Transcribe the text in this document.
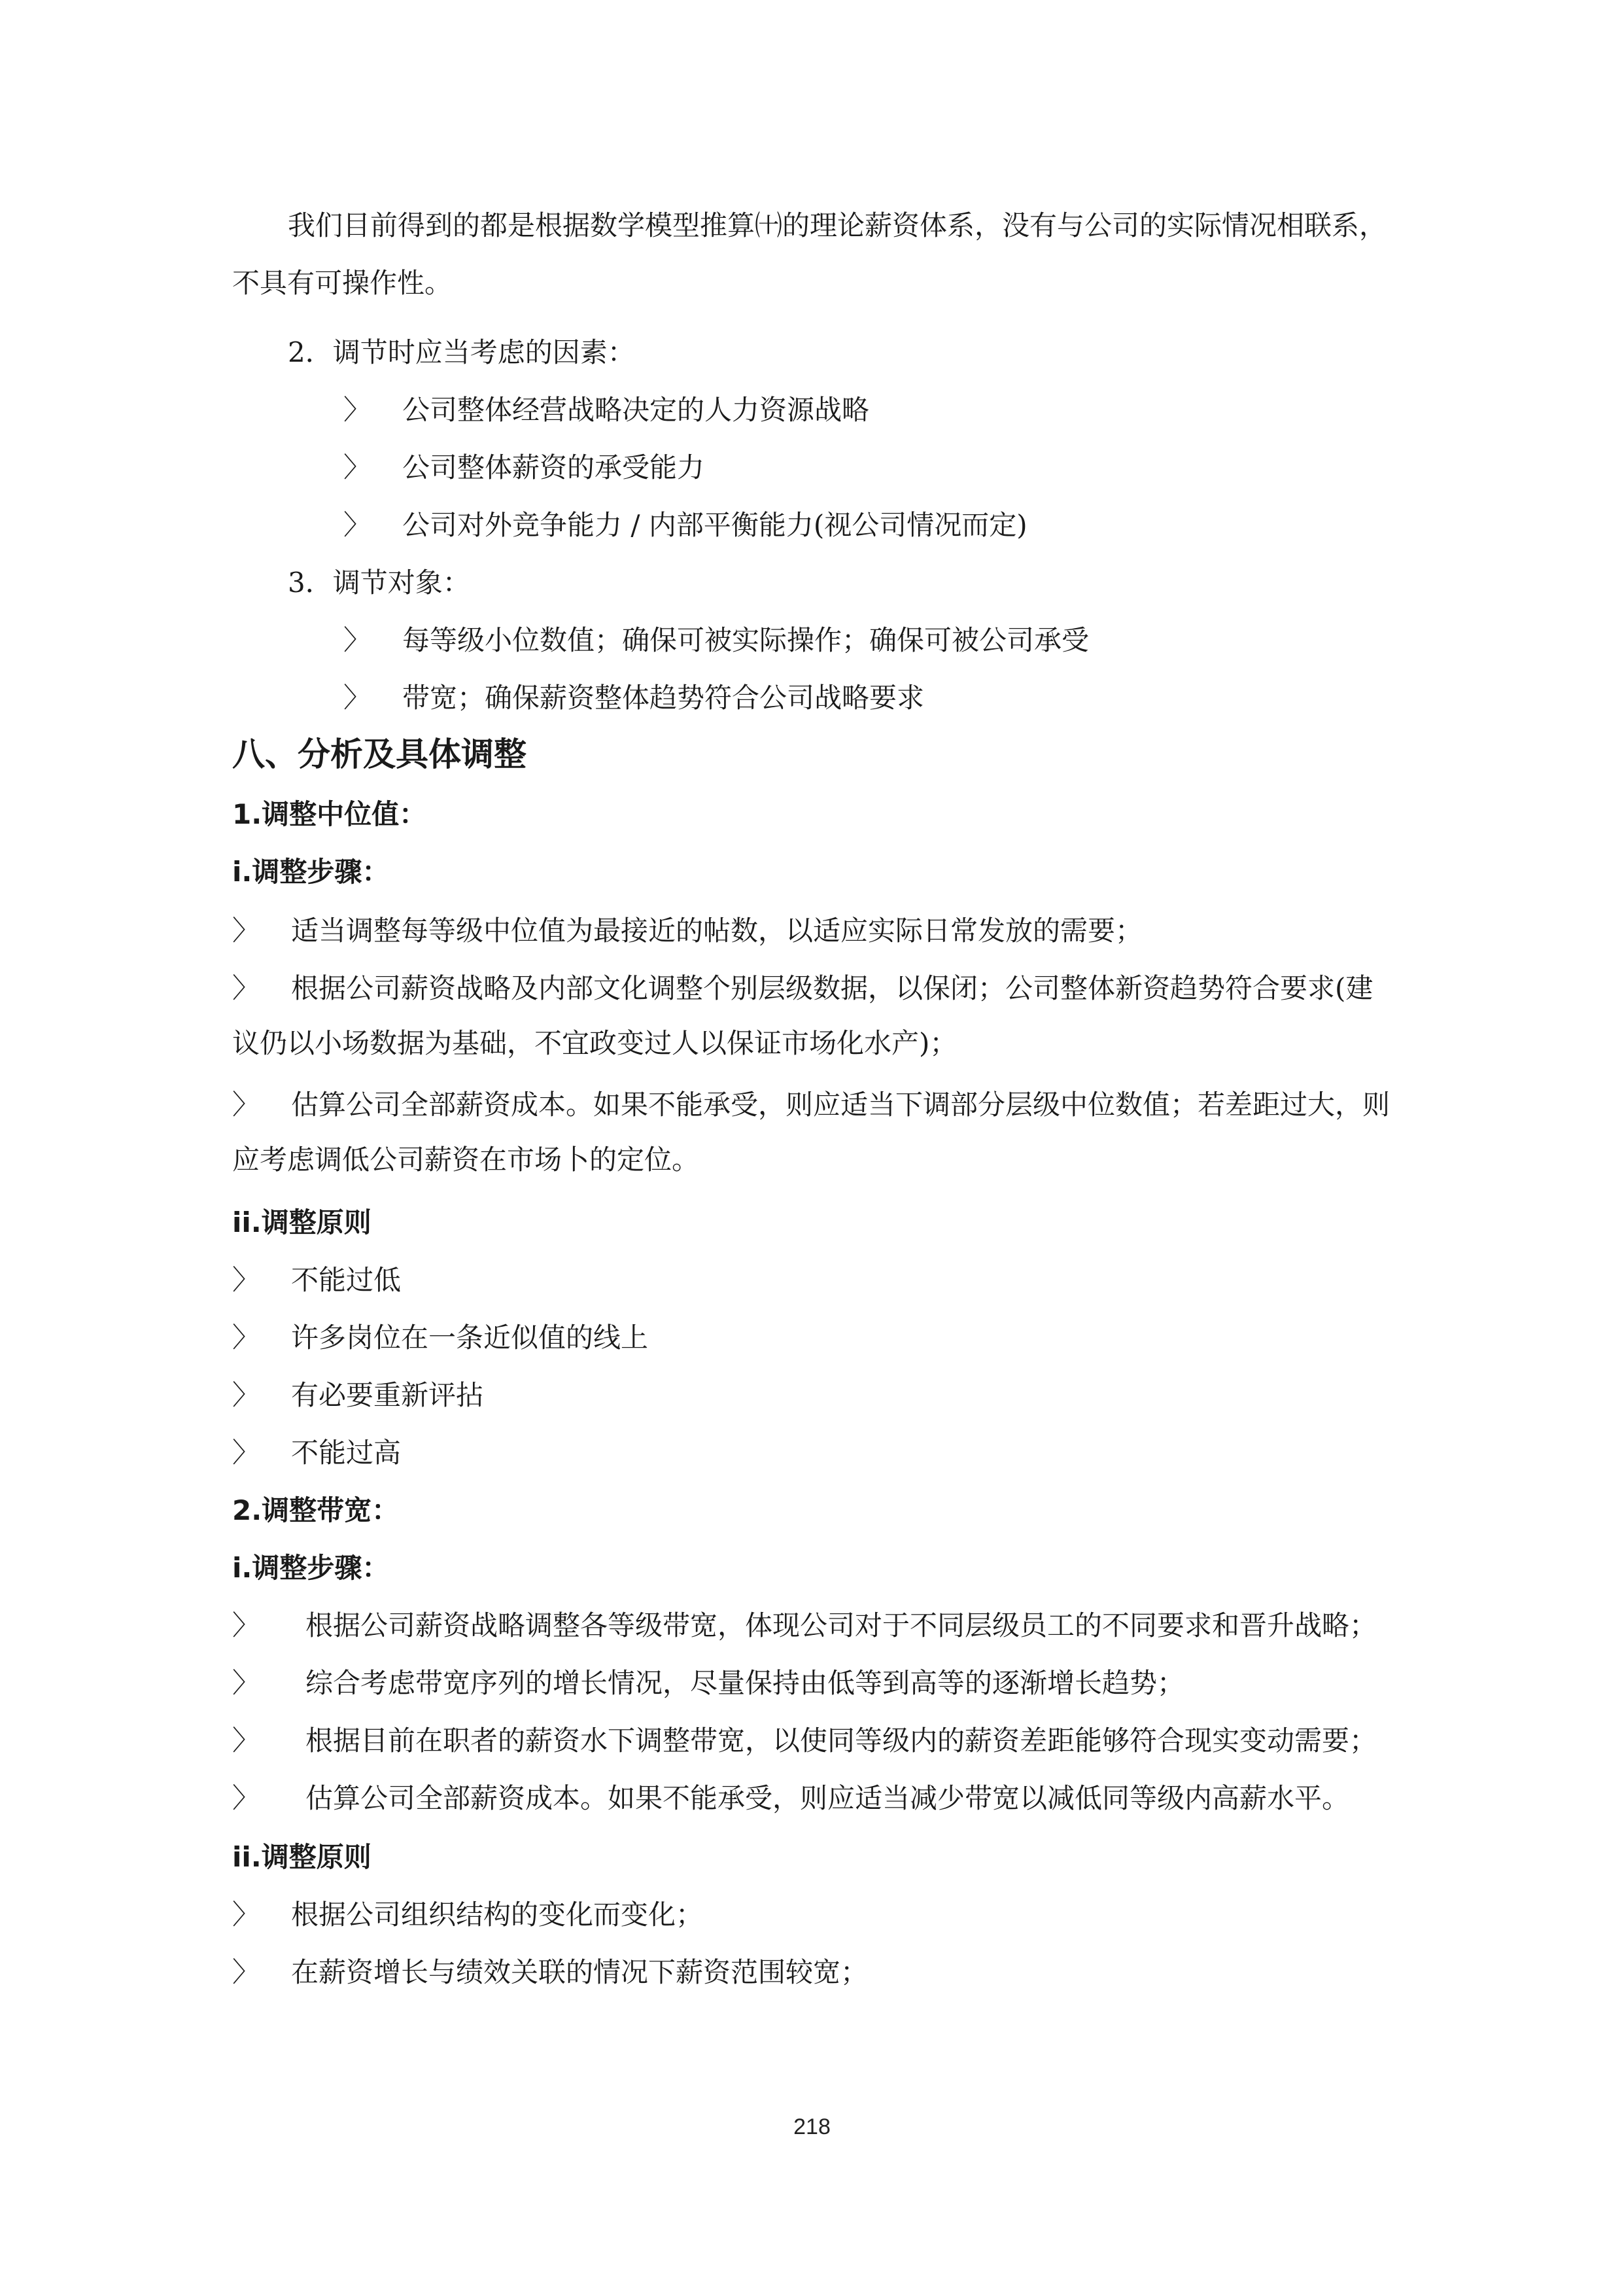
我们目前得到的都是根据数学模型推算㈩的理论薪资体系，没有与公司的实际情况相联系，
不具有可操作性。
2．调节时应当考虑的因素：
〉 公司整体经营战略决定的人力资源战略
〉 公司整体薪资的承受能力
〉 公司对外竞争能力 / 内部平衡能力(视公司情况而定)
3．调节对象：
〉 每等级小位数值；确保可被实际操作；确保可被公司承受
〉 带宽；确保薪资整体趋势符合公司战略要求
八、分析及具体调整
1.调整中位值：
i.调整步骤：
〉 适当调整每等级中位值为最接近的帖数，以适应实际日常发放的需要；
〉 根据公司薪资战略及内部文化调整个别层级数据，以保闭；公司整体新资趋势符合要求(建
议仍以小场数据为基础，不宜政变过人以保证市场化水产)；
〉 估算公司全部薪资成本。如果不能承受，则应适当下调部分层级中位数值；若差距过大，则
应考虑调低公司薪资在市场卜的定位。
ii.调整原则
〉 不能过低
〉 许多岗位在一条近似值的线上
〉 有必要重新评拈
〉 不能过高
2.调整带宽：
i.调整步骤：
〉 根据公司薪资战略调整各等级带宽，体现公司对于不同层级员工的不同要求和晋升战略；
〉 综合考虑带宽序列的增长情况，尽量保持由低等到高等的逐渐增长趋势；
〉 根据目前在职者的薪资水下调整带宽，以使同等级内的薪资差距能够符合现实变动需要；
〉 估算公司全部薪资成本。如果不能承受，则应适当减少带宽以减低同等级内高薪水平。
ii.调整原则
〉 根据公司组织结构的变化而变化；
〉 在薪资增长与绩效关联的情况下薪资范围较宽；
218
